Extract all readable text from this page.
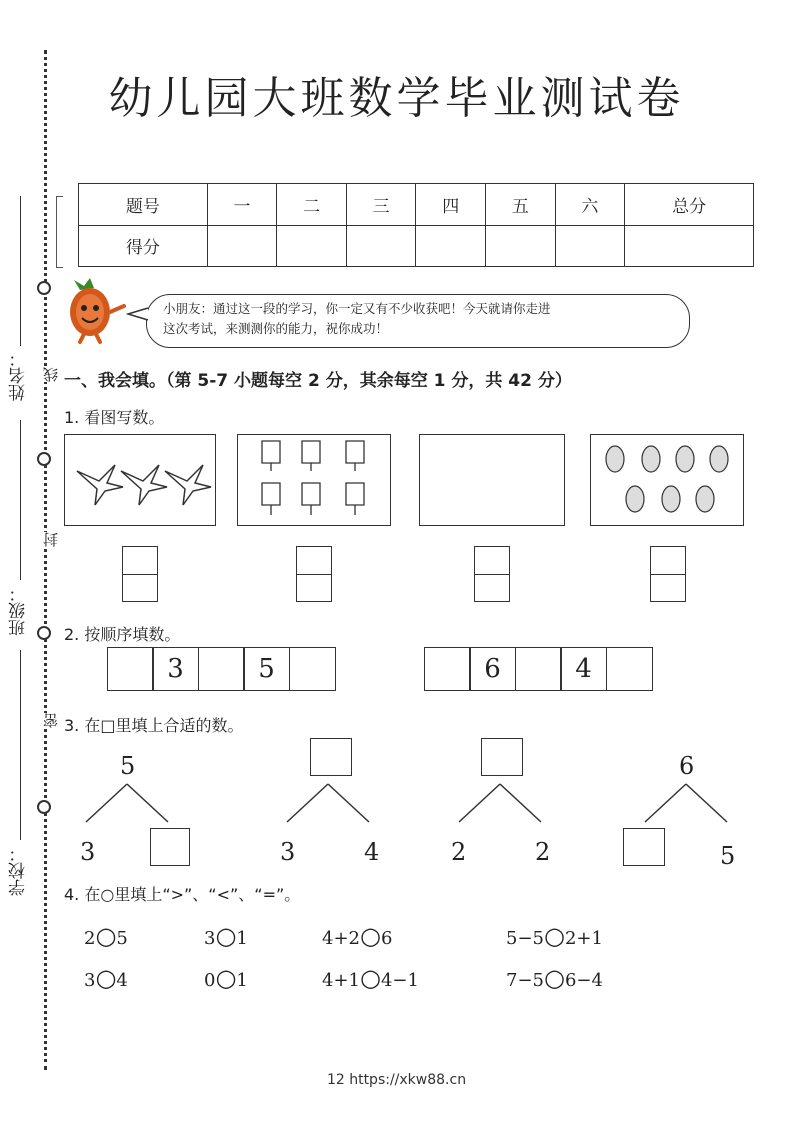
幼儿园大班数学毕业测试卷
线
封
密
姓名：
班级：
学校：
题号	一	二	三	四	五	六	总分
得分							
小朋友：通过这一段的学习，你一定又有不少收获吧！今天就请你走进
这次考试，来测测你的能力，祝你成功！
一、我会填。（第 5-7 小题每空 2 分，其余每空 1 分，共 42 分）
1. 看图写数。
2. 按顺序填数。
3	5	6	4
3. 在□里填上合适的数。
5
3	3	4	2	2
6
5
4. 在○里填上“>”、“<”、“=”。
2○5	3○1	4+2○6	5−5○2+1
3○4	0○1	4+1○4−1	7−5○6−4
12 https://xkw88.cn
